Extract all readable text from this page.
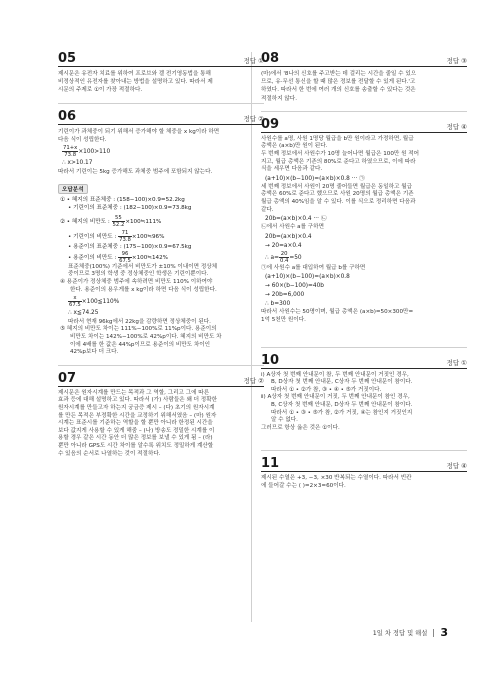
05	정답 ①

제시문은 유전자 치료를 위하여 프로브와 겔 전기영동법을 통해
비정상적인 유전자를 찾아내는 방법을 설명하고 있다. 따라서 제
시문의 주제로 ①이 가장 적절하다.

06	정답 ②

기린이가 과체중이 되기 위해서 증가해야 할 체중을 x kg이라 하면
다음 식이 성립한다.

$\frac{71+x}{73.8} \times 100>110$
∴ x>10.17

따라서 기린이는 5kg 증가해도 과체중 범주에 포함되지 않는다.

오답분석
① • 혜지의 표준체중 : (158−100)×0.9=52.2kg
• 기린이의 표준체중 : (182−100)×0.9=73.8kg
② • 혜지의 비만도 : $\frac{55}{52.2}$ ×100≒111%
• 기린이의 비만도 : $\frac{71}{73.8}$ ×100≒96%
• 용준이의 표준체중 : (175−100)×0.9=67.5kg
• 용준이의 비만도 : $\frac{96}{67.5}$ ×100≒142%

표준체중(100%) 기준에서 비만도가 ±10% 이내이면 정상체
중이므로 3명의 학생 중 정상체중인 학생은 기린이뿐이다.

④ 용준이가 정상체중 범주에 속하려면 비만도 110% 이하여야
한다. 용준이의 용우게를 x kg이라 하면 다음 식이 성립한다.

$\frac{x}{67.5}$ ×100≦110%
∴ x≦74.25

따라서 현재 96kg에서 22kg을 감량하면 정상체중이 된다.

⑤ 혜지의 비만도 차이는 111%−100%로 11%p이다. 용준이의
비만도 차이는 142%−100%로 42%p이다. 혜지의 비만도 차
이에 4배를 한 값은 44%p이므로 용준이의 비만도 차이인
42%p보다 더 크다.

07	정답 ②

제시문은 원자시계를 만드는 목적과 그 역할, 그리고 그에 따른
효과 등에 대해 설명하고 있다. 따라서 (가) 사람들은 왜 더 정확한
원자시계를 만들고자 하는지 궁금증 제시 – (다) 초기의 원자시계
를 만든 목적은 부정확한 시간을 교정하기 위해서였음 – (마) 원자
시계는 표준시를 기준하는 역할을 할 뿐만 아니라 한정된 시간을
보다 값지게 사용할 수 있게 해줌 – (나) 방송도 정밀한 시계를 이
용할 경우 같은 시간 동안 더 많은 정보를 보낼 수 있게 됨 – (라)
뿐만 아니라 GPS도 시간 차이를 알수록 위치도 정밀하게 계산할
수 있음의 순서로 나열하는 것이 적절하다.

08	정답 ③

(마)에서 '8나의 신호를 주고받는 데 걸리는 시간을 줄일 수 있으
므로, 유·무선 통신을 할 때 많은 정보를 전달할 수 있게 된다.'고
하였다. 따라서 한 번에 여러 개의 신호를 송출할 수 있다는 것은
적절하지 않다.

09	정답 ④

사원수를 a명, 사원 1명당 월급을 b만 원이라고 가정하면, 월급
총액은 (a×b)만 원이 된다.
두 번째 정보에서 사원수가 10명 늘어나면 월급은 100만 원 적어
지고, 월급 총액은 기존의 80%로 준다고 하였으므로, 이에 따라
식을 세우면 다음과 같다.

(a+10)×(b−100)=(a×b)×0.8 ··· ㉠

세 번째 정보에서 사원이 20명 줄어들면 월급은 동일하고 월급
총액은 60%로 준다고 했으므로 사원 20명의 월급 총액은 기존
월급 총액의 40%임을 알 수 있다. 이를 식으로 정리하면 다음과
같다.

20b=(a×b)×0.4 ··· ㉡

㉡에서 사원수 a를 구하면

20b=(a×b)×0.4
→ 20=a×0.4
∴ $a= \frac{20}{0.4} =50$

㉠에 사원수 a를 대입하여 월급 b를 구하면

(a+10)×(b−100)=(a×b)×0.8
→ 60×(b−100)=40b
→ 20b=6,000
∴ b=300

따라서 사원수는 50명이며, 월급 총액은 (a×b)=50×300만=
1억 5천만 원이다.

10	정답 ①

ⅰ) A상자 첫 번째 안내문이 참, 두 번째 안내문이 거짓인 경우,
B, D상자 첫 번째 안내문, C상자 두 번째 안내문이 참이다.
따라서 ① • ②가 참, ③ • ④ • ⑤가 거짓이다.
ⅱ) A상자 첫 번째 안내문이 거짓, 두 번째 안내문이 참인 경우,
B, C상자 첫 번째 안내문, D상자 두 번째 안내문이 참이다.
따라서 ① • ③ • ⑤가 참, ②가 거짓, ④는 참인지 거짓인지
알 수 없다.
그러므로 항상 옳은 것은 ①이다.

11	정답 ④

제시된 수열은 +3, −3, ×30 반복되는 수열이다. 따라서 빈칸
에 들어갈 수는 ( )=2×3=60이다.

1일 차 정답 및 해설 3
